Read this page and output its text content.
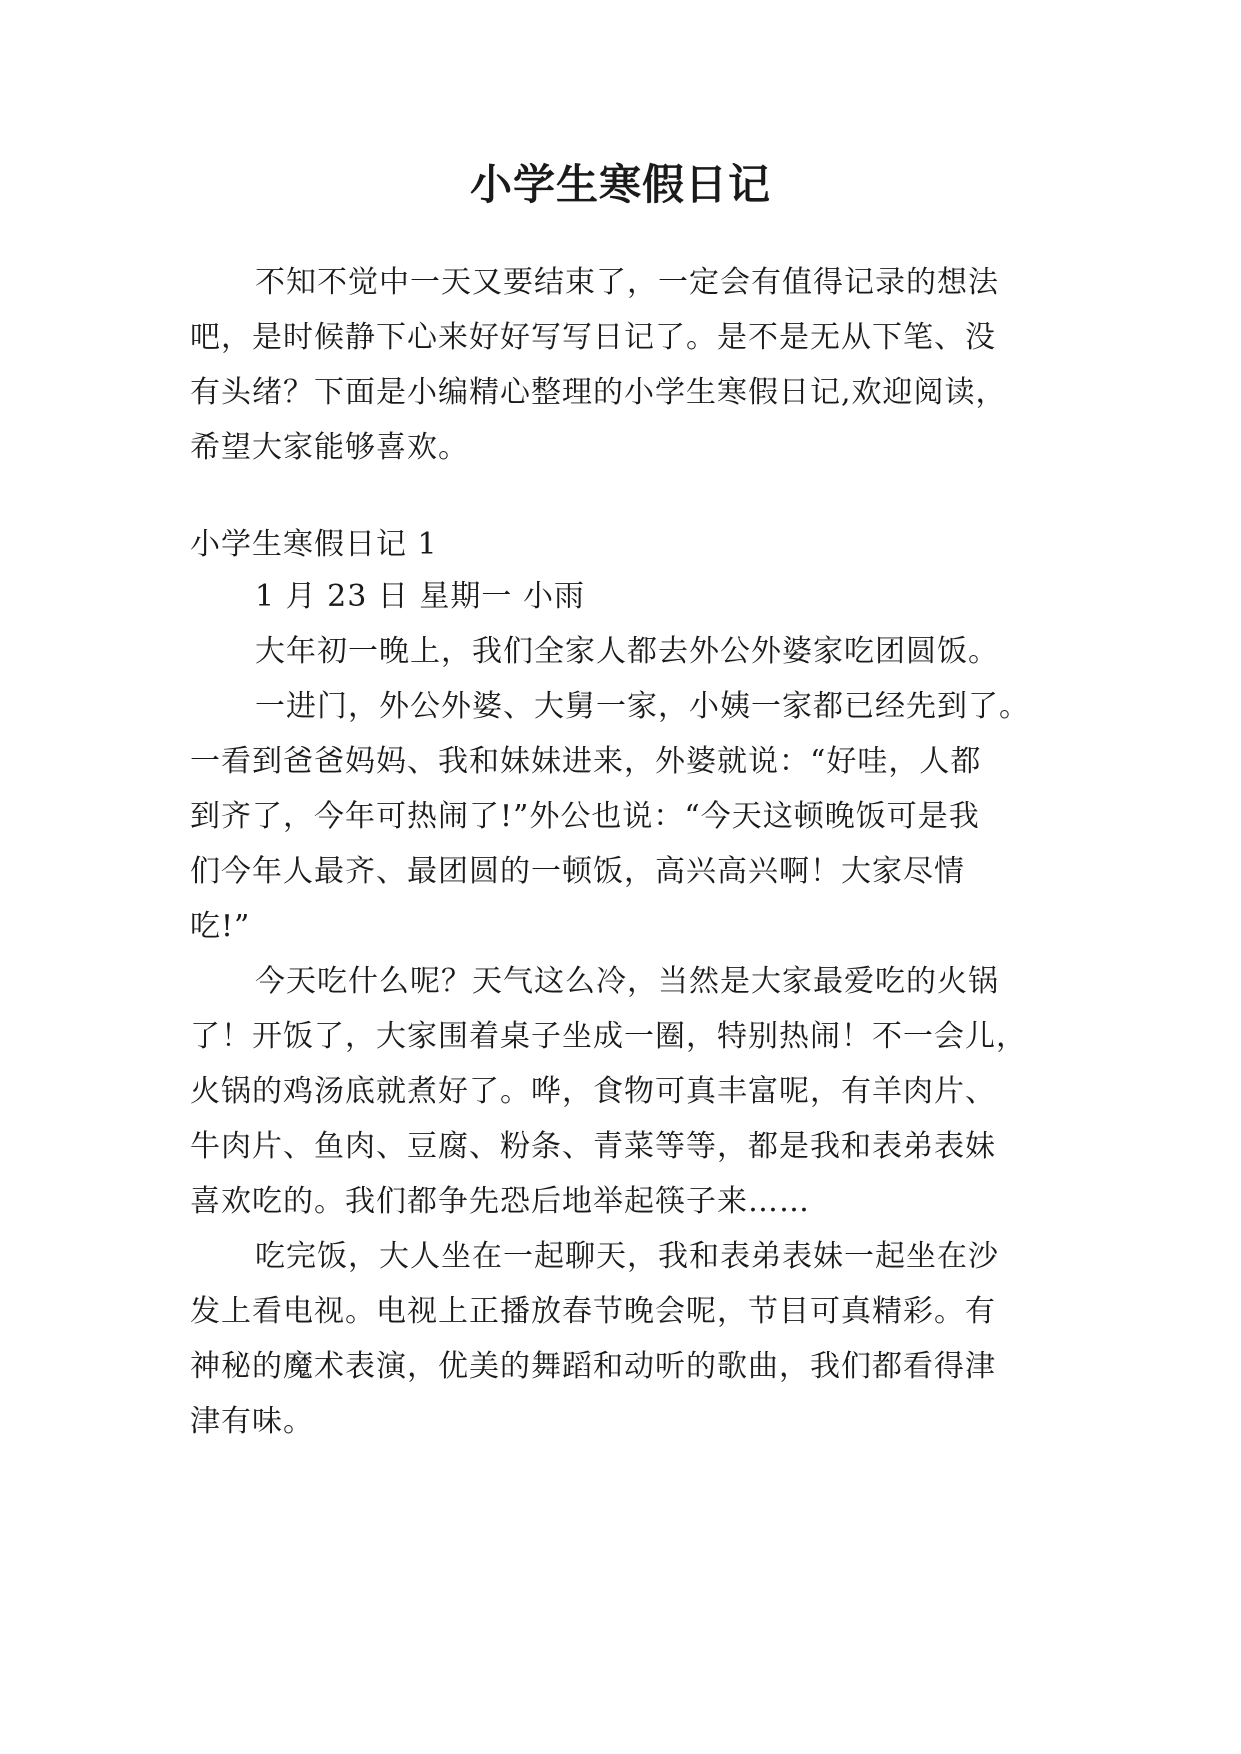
小学生寒假日记
不知不觉中一天又要结束了，一定会有值得记录的想法
吧，是时候静下心来好好写写日记了。是不是无从下笔、没
有头绪？下面是小编精心整理的小学生寒假日记,欢迎阅读，
希望大家能够喜欢。
小学生寒假日记 1
1 月 23 日 星期一 小雨
大年初一晚上，我们全家人都去外公外婆家吃团圆饭。
一进门，外公外婆、大舅一家，小姨一家都已经先到了。
一看到爸爸妈妈、我和妹妹进来，外婆就说：“好哇，人都
到齐了，今年可热闹了!”外公也说：“今天这顿晚饭可是我
们今年人最齐、最团圆的一顿饭，高兴高兴啊！大家尽情
吃!”
今天吃什么呢？天气这么冷，当然是大家最爱吃的火锅
了！开饭了，大家围着桌子坐成一圈，特别热闹！不一会儿，
火锅的鸡汤底就煮好了。哗，食物可真丰富呢，有羊肉片、
牛肉片、鱼肉、豆腐、粉条、青菜等等，都是我和表弟表妹
喜欢吃的。我们都争先恐后地举起筷子来……
吃完饭，大人坐在一起聊天，我和表弟表妹一起坐在沙
发上看电视。电视上正播放春节晚会呢，节目可真精彩。有
神秘的魔术表演，优美的舞蹈和动听的歌曲，我们都看得津
津有味。
